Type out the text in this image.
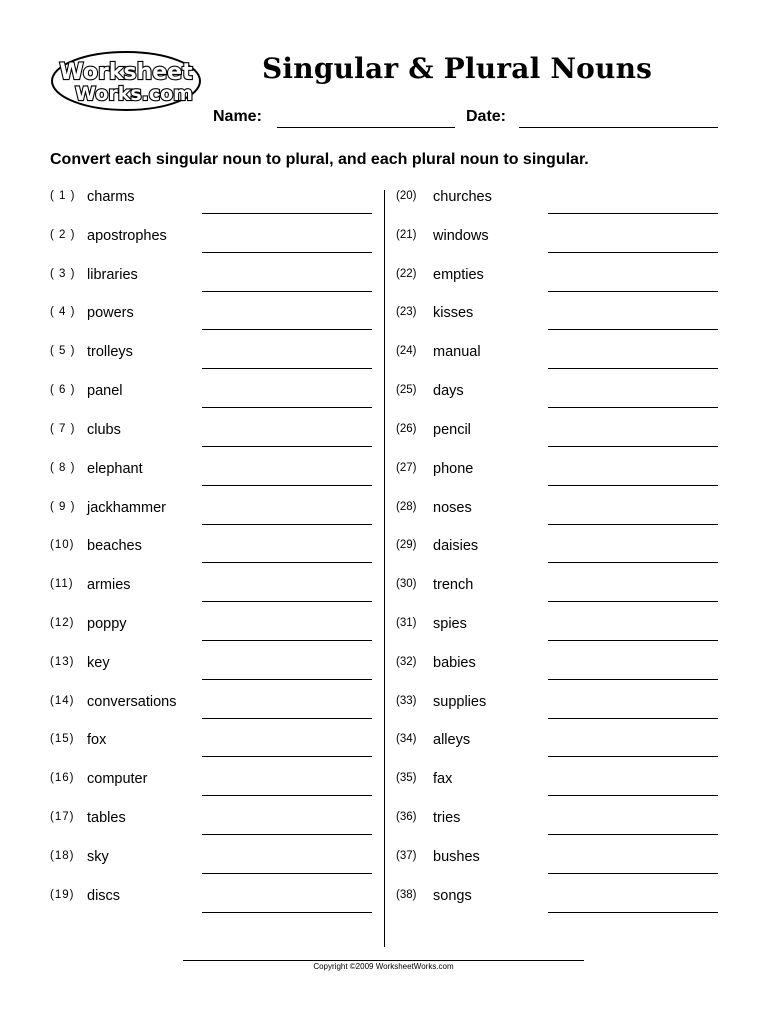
Worksheet
Works.com
Singular & Plural Nouns
Name:	Date:
Convert each singular noun to plural, and each plural noun to singular.
( 1 ) charms
( 2 ) apostrophes
( 3 ) libraries
( 4 ) powers
( 5 ) trolleys
( 6 ) panel
( 7 ) clubs
( 8 ) elephant
( 9 ) jackhammer
(10) beaches
(11) armies
(12) poppy
(13) key
(14) conversations
(15) fox
(16) computer
(17) tables
(18) sky
(19) discs
(20) churches
(21) windows
(22) empties
(23) kisses
(24) manual
(25) days
(26) pencil
(27) phone
(28) noses
(29) daisies
(30) trench
(31) spies
(32) babies
(33) supplies
(34) alleys
(35) fax
(36) tries
(37) bushes
(38) songs
Copyright ©2009 WorksheetWorks.com
